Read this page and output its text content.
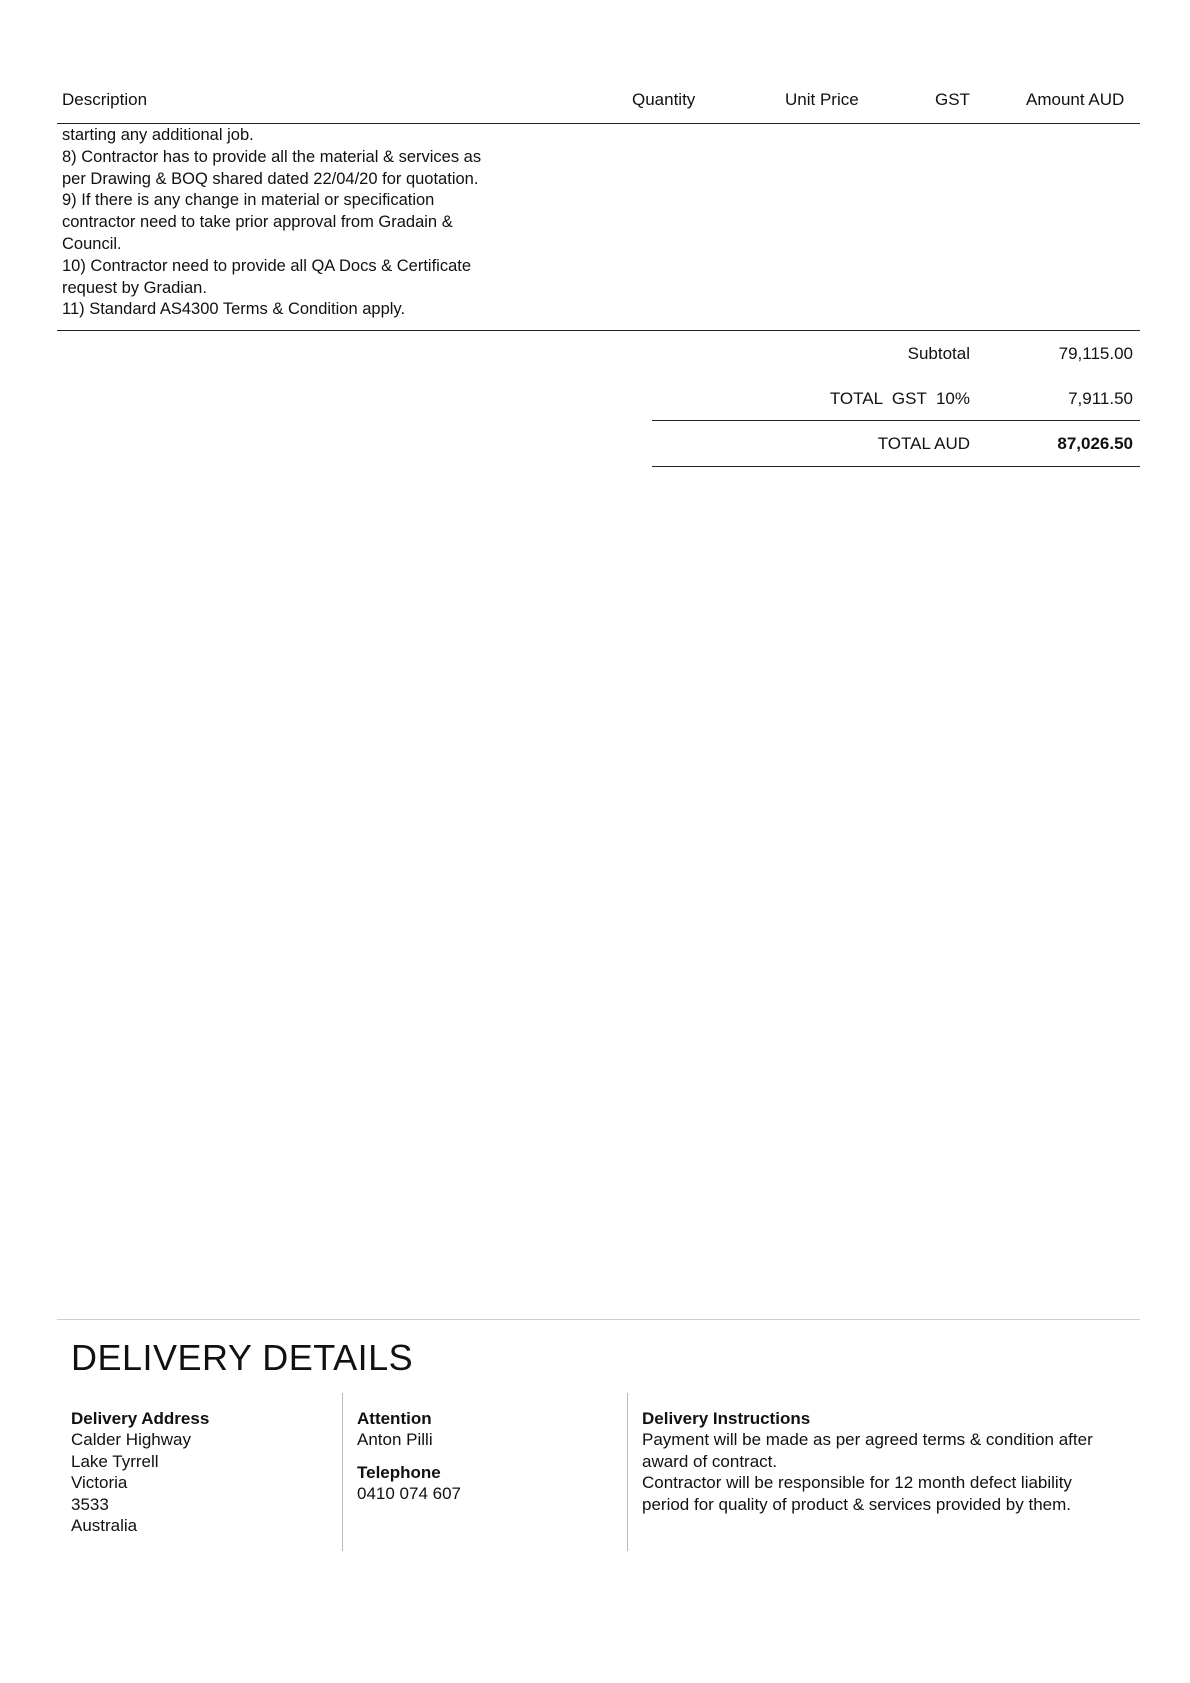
Description	Quantity	Unit Price	GST	Amount AUD
starting any additional job.
8) Contractor has to provide all the material & services as
per Drawing & BOQ shared dated 22/04/20 for quotation.
9) If there is any change in material or specification
contractor need to take prior approval from Gradain &
Council.
10) Contractor need to provide all QA Docs & Certificate
request by Gradian.
11) Standard AS4300 Terms & Condition apply.
Subtotal	79,115.00
TOTAL  GST  10%	7,911.50
TOTAL AUD	87,026.50
DELIVERY DETAILS
Delivery Address
Calder Highway
Lake Tyrrell
Victoria
3533
Australia
Attention
Anton Pilli
Telephone
0410 074 607
Delivery Instructions
Payment will be made as per agreed terms & condition after
award of contract.
Contractor will be responsible for 12 month defect liability
period for quality of product & services provided by them.
